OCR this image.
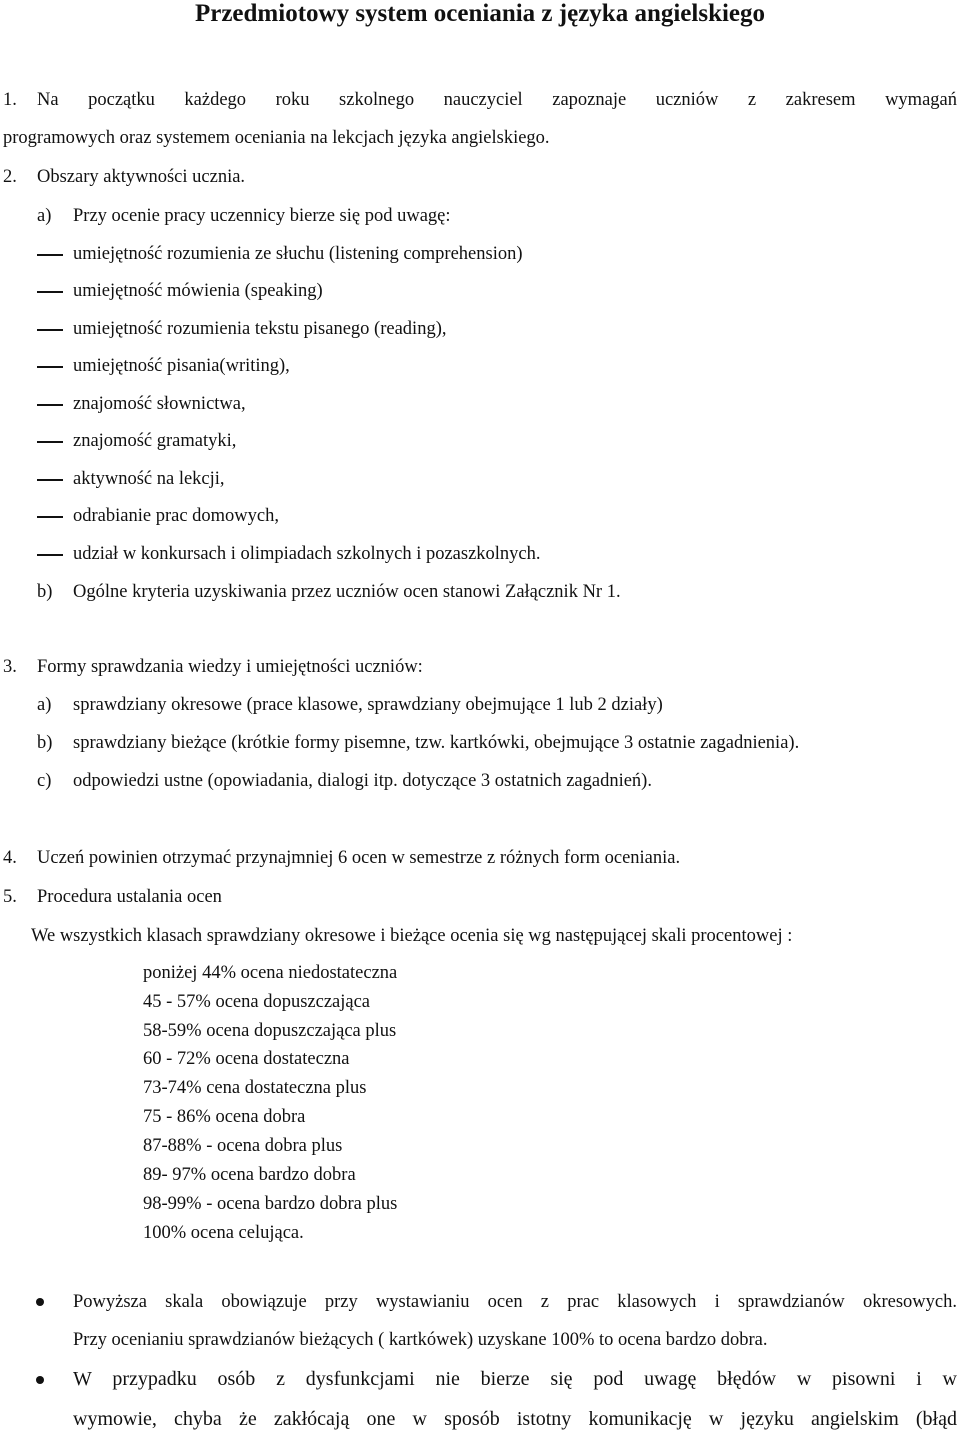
Przedmiotowy system oceniania z języka angielskiego
1. Na początku każdego roku szkolnego nauczyciel zapoznaje uczniów z zakresem wymagań
programowych oraz systemem oceniania na lekcjach języka angielskiego.
2. Obszary aktywności ucznia.
a) Przy ocenie pracy uczennicy bierze się pod uwagę:
umiejętność rozumienia ze słuchu (listening comprehension)
umiejętność mówienia (speaking)
umiejętność rozumienia tekstu pisanego (reading),
umiejętność pisania(writing),
znajomość słownictwa,
znajomość gramatyki,
aktywność na lekcji,
odrabianie prac domowych,
udział w konkursach i olimpiadach szkolnych i pozaszkolnych.
b) Ogólne kryteria uzyskiwania przez uczniów ocen stanowi Załącznik Nr 1.
3. Formy sprawdzania wiedzy i umiejętności uczniów:
a) sprawdziany okresowe (prace klasowe, sprawdziany obejmujące 1 lub 2 działy)
b) sprawdziany bieżące (krótkie formy pisemne, tzw. kartkówki, obejmujące 3 ostatnie zagadnienia).
c) odpowiedzi ustne (opowiadania, dialogi itp. dotyczące 3 ostatnich zagadnień).
4. Uczeń powinien otrzymać przynajmniej 6 ocen w semestrze z różnych form oceniania.
5. Procedura ustalania ocen
We wszystkich klasach sprawdziany okresowe i bieżące ocenia się wg następującej skali procentowej :
poniżej 44% ocena niedostateczna
45 - 57% ocena dopuszczająca
58-59% ocena dopuszczająca plus
60 - 72% ocena dostateczna
73-74% cena dostateczna plus
75 - 86% ocena dobra
87-88% - ocena dobra plus
89- 97% ocena bardzo dobra
98-99% - ocena bardzo dobra plus
100% ocena celująca.
Powyższa skala obowiązuje przy wystawianiu ocen z prac klasowych i sprawdzianów okresowych.
Przy ocenianiu sprawdzianów bieżących ( kartkówek) uzyskane 100% to ocena bardzo dobra.
W przypadku osób z dysfunkcjami nie bierze się pod uwagę błędów w pisowni i w
wymowie, chyba że zakłócają one w sposób istotny komunikację w języku angielskim (błąd
